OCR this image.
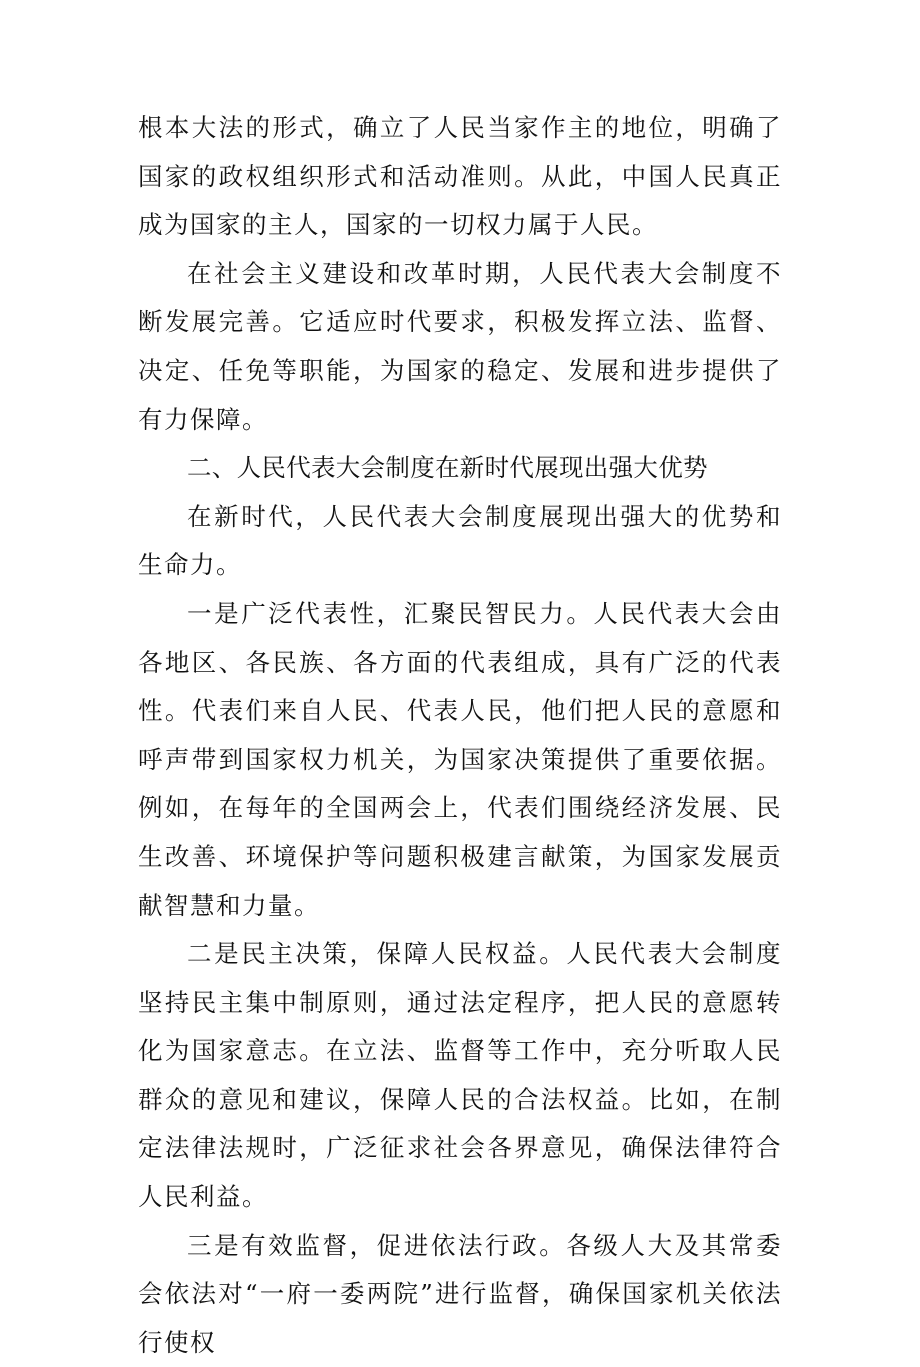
根本大法的形式，确立了人民当家作主的地位，明确了国家的政权组织形式和活动准则。从此，中国人民真正成为国家的主人，国家的一切权力属于人民。

在社会主义建设和改革时期，人民代表大会制度不断发展完善。它适应时代要求，积极发挥立法、监督、决定、任免等职能，为国家的稳定、发展和进步提供了有力保障。

二、人民代表大会制度在新时代展现出强大优势

在新时代，人民代表大会制度展现出强大的优势和生命力。

一是广泛代表性，汇聚民智民力。人民代表大会由各地区、各民族、各方面的代表组成，具有广泛的代表性。代表们来自人民、代表人民，他们把人民的意愿和呼声带到国家权力机关，为国家决策提供了重要依据。例如，在每年的全国两会上，代表们围绕经济发展、民生改善、环境保护等问题积极建言献策，为国家发展贡献智慧和力量。

二是民主决策，保障人民权益。人民代表大会制度坚持民主集中制原则，通过法定程序，把人民的意愿转化为国家意志。在立法、监督等工作中，充分听取人民群众的意见和建议，保障人民的合法权益。比如，在制定法律法规时，广泛征求社会各界意见，确保法律符合人民利益。

三是有效监督，促进依法行政。各级人大及其常委会依法对“一府一委两院”进行监督，确保国家机关依法行使权
